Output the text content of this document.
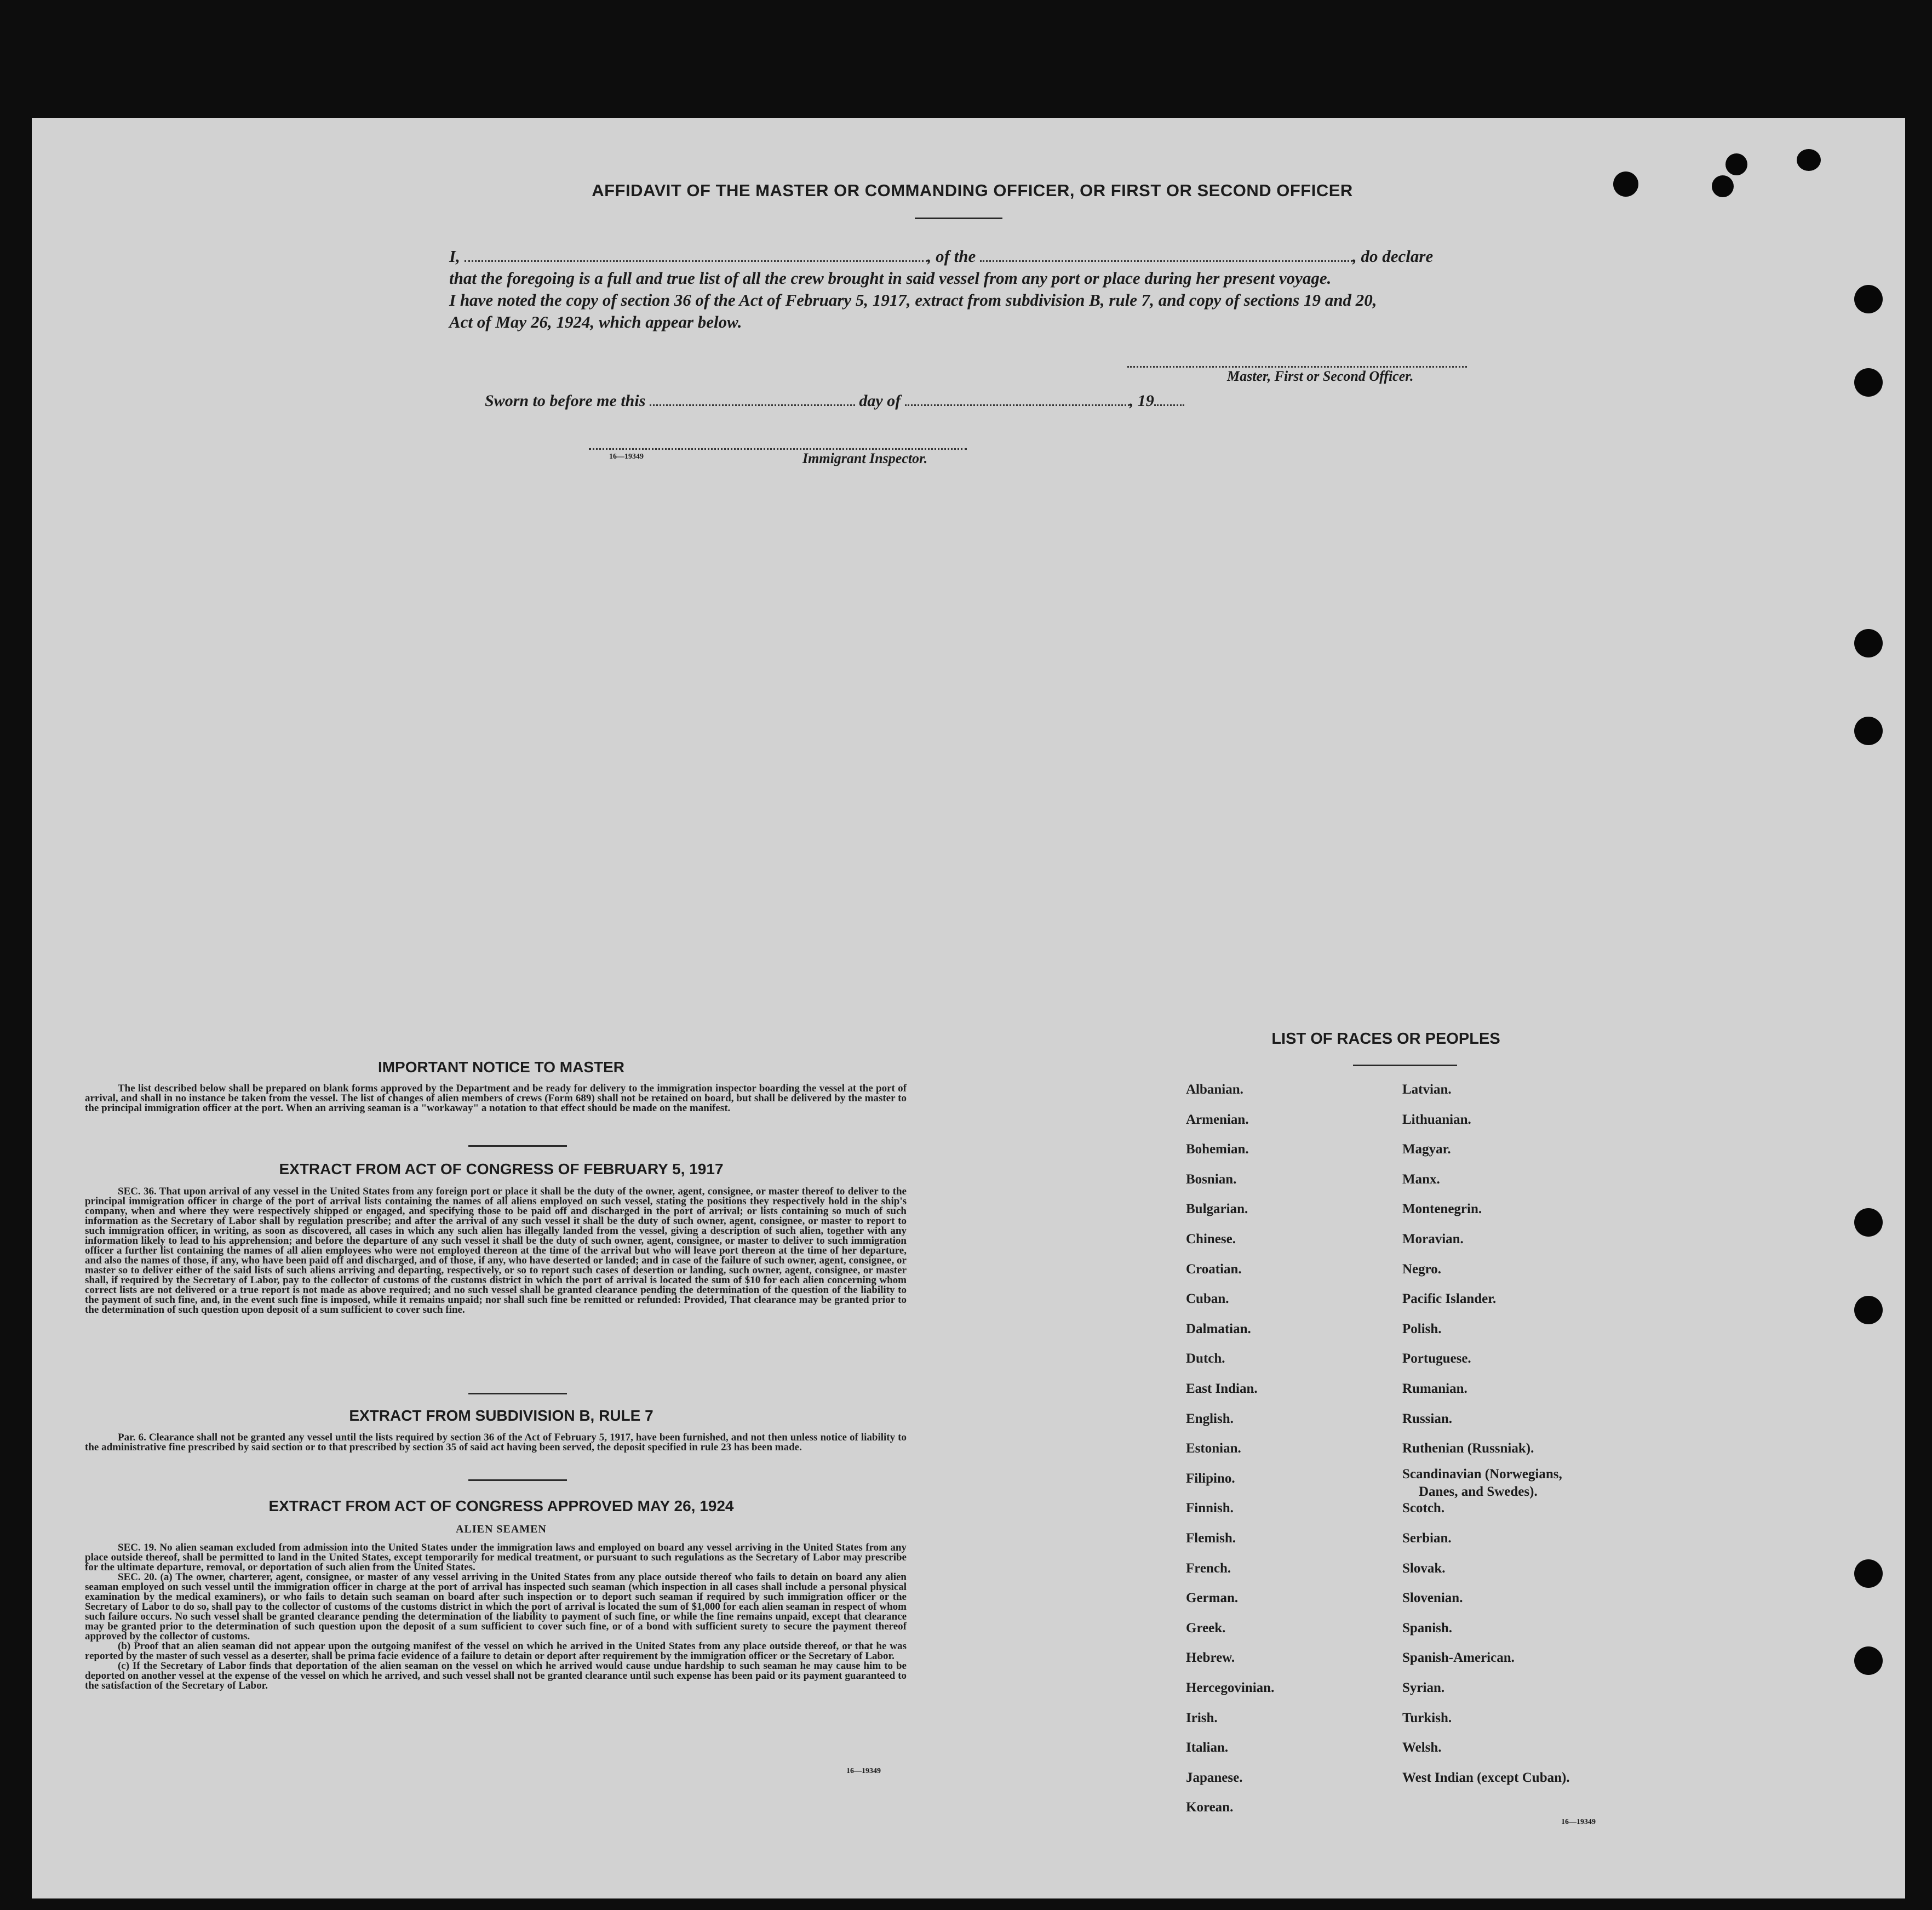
AFFIDAVIT OF THE MASTER OR COMMANDING OFFICER, OR FIRST OR SECOND OFFICER
I,	, of the	, do declare
that the foregoing is a full and true list of all the crew brought in said vessel from any port or place during her present voyage.
I have noted the copy of section 36 of the Act of February 5, 1917, extract from subdivision B, rule 7, and copy of sections 19 and 20,
Act of May 26, 1924, which appear below.
Master, First or Second Officer.
Sworn to before me this	day of	, 19
16—19349	Immigrant Inspector.
IMPORTANT NOTICE TO MASTER
The list described below shall be prepared on blank forms approved by the Department and be ready for delivery to the immigration inspector boarding the vessel at the port of arrival, and shall in no instance be taken from the vessel. The list of changes of alien members of crews (Form 689) shall not be retained on board, but shall be delivered by the master to the principal immigration officer at the port. When an arriving seaman is a "workaway" a notation to that effect should be made on the manifest.
EXTRACT FROM ACT OF CONGRESS OF FEBRUARY 5, 1917
SEC. 36. That upon arrival of any vessel in the United States from any foreign port or place it shall be the duty of the owner, agent, consignee, or master thereof to deliver to the principal immigration officer in charge of the port of arrival lists containing the names of all aliens employed on such vessel, stating the positions they respectively hold in the ship's company, when and where they were respectively shipped or engaged, and specifying those to be paid off and discharged in the port of arrival; or lists containing so much of such information as the Secretary of Labor shall by regulation prescribe; and after the arrival of any such vessel it shall be the duty of such owner, agent, consignee, or master to report to such immigration officer, in writing, as soon as discovered, all cases in which any such alien has illegally landed from the vessel, giving a description of such alien, together with any information likely to lead to his apprehension; and before the departure of any such vessel it shall be the duty of such owner, agent, consignee, or master to deliver to such immigration officer a further list containing the names of all alien employees who were not employed thereon at the time of the arrival but who will leave port thereon at the time of her departure, and also the names of those, if any, who have been paid off and discharged, and of those, if any, who have deserted or landed; and in case of the failure of such owner, agent, consignee, or master so to deliver either of the said lists of such aliens arriving and departing, respectively, or so to report such cases of desertion or landing, such owner, agent, consignee, or master shall, if required by the Secretary of Labor, pay to the collector of customs of the customs district in which the port of arrival is located the sum of $10 for each alien concerning whom correct lists are not delivered or a true report is not made as above required; and no such vessel shall be granted clearance pending the determination of the question of the liability to the payment of such fine, and, in the event such fine is imposed, while it remains unpaid; nor shall such fine be remitted or refunded: Provided, That clearance may be granted prior to the determination of such question upon deposit of a sum sufficient to cover such fine.
EXTRACT FROM SUBDIVISION B, RULE 7
Par. 6. Clearance shall not be granted any vessel until the lists required by section 36 of the Act of February 5, 1917, have been furnished, and not then unless notice of liability to the administrative fine prescribed by said section or to that prescribed by section 35 of said act having been served, the deposit specified in rule 23 has been made.
EXTRACT FROM ACT OF CONGRESS APPROVED MAY 26, 1924
ALIEN SEAMEN
SEC. 19. No alien seaman excluded from admission into the United States under the immigration laws and employed on board any vessel arriving in the United States from any place outside thereof, shall be permitted to land in the United States, except temporarily for medical treatment, or pursuant to such regulations as the Secretary of Labor may prescribe for the ultimate departure, removal, or deportation of such alien from the United States.
SEC. 20. (a) The owner, charterer, agent, consignee, or master of any vessel arriving in the United States from any place outside thereof who fails to detain on board any alien seaman employed on such vessel until the immigration officer in charge at the port of arrival has inspected such seaman (which inspection in all cases shall include a personal physical examination by the medical examiners), or who fails to detain such seaman on board after such inspection or to deport such seaman if required by such immigration officer or the Secretary of Labor to do so, shall pay to the collector of customs of the customs district in which the port of arrival is located the sum of $1,000 for each alien seaman in respect of whom such failure occurs. No such vessel shall be granted clearance pending the determination of the liability to payment of such fine, or while the fine remains unpaid, except that clearance may be granted prior to the determination of such question upon the deposit of a sum sufficient to cover such fine, or of a bond with sufficient surety to secure the payment thereof approved by the collector of customs.
(b) Proof that an alien seaman did not appear upon the outgoing manifest of the vessel on which he arrived in the United States from any place outside thereof, or that he was reported by the master of such vessel as a deserter, shall be prima facie evidence of a failure to detain or deport after requirement by the immigration officer or the Secretary of Labor.
(c) If the Secretary of Labor finds that deportation of the alien seaman on the vessel on which he arrived would cause undue hardship to such seaman he may cause him to be deported on another vessel at the expense of the vessel on which he arrived, and such vessel shall not be granted clearance until such expense has been paid or its payment guaranteed to the satisfaction of the Secretary of Labor.
16—19349
LIST OF RACES OR PEOPLES
Albanian.
Armenian.
Bohemian.
Bosnian.
Bulgarian.
Chinese.
Croatian.
Cuban.
Dalmatian.
Dutch.
East Indian.
English.
Estonian.
Filipino.
Finnish.
Flemish.
French.
German.
Greek.
Hebrew.
Hercegovinian.
Irish.
Italian.
Japanese.
Korean.
Latvian.
Lithuanian.
Magyar.
Manx.
Montenegrin.
Moravian.
Negro.
Pacific Islander.
Polish.
Portuguese.
Rumanian.
Russian.
Ruthenian (Russniak).
Scandinavian (Norwegians,
Danes, and Swedes).
Scotch.
Serbian.
Slovak.
Slovenian.
Spanish.
Spanish-American.
Syrian.
Turkish.
Welsh.
West Indian (except Cuban).
16—19349
